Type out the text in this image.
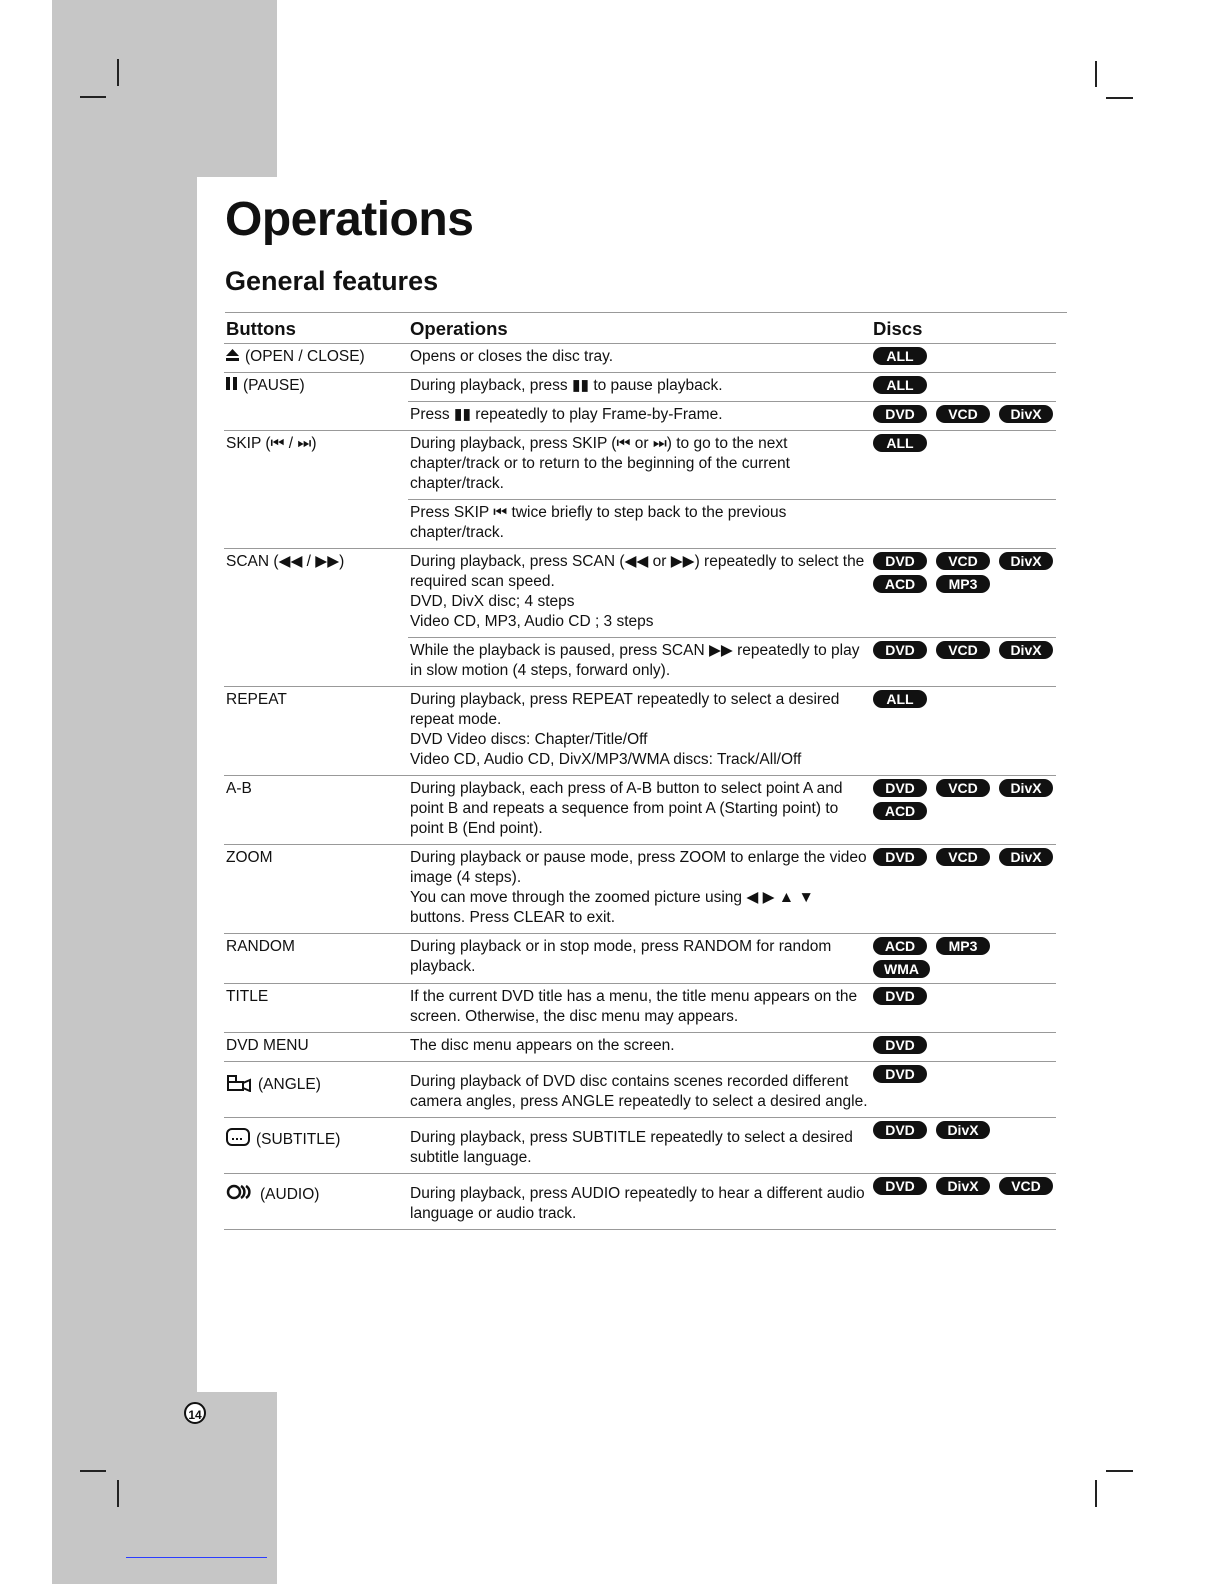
Operations
General features
Buttons	Operations	Discs
(OPEN / CLOSE)	Opens or closes the disc tray.	ALL

(PAUSE)	During playback, press ▮▮ to pause playback.	ALL

	Press ▮▮ repeatedly to play Frame-by-Frame.	DVD VCD DivX

SKIP (⏮ / ⏭)	During playback, press SKIP (⏮ or ⏭) to go to the next chapter/track or to return to the beginning of the current chapter/track.	ALL

	Press SKIP ⏮ twice briefly to step back to the previous chapter/track.	

SCAN (◀◀ / ▶▶)	During playback, press SCAN (◀◀ or ▶▶) repeatedly to select the required scan speed.
DVD, DivX disc; 4 steps
Video CD, MP3, Audio CD ; 3 steps	DVD VCD DivX
ACD MP3

	While the playback is paused, press SCAN ▶▶ repeatedly to play in slow motion (4 steps, forward only).	DVD VCD DivX

REPEAT	During playback, press REPEAT repeatedly to select a desired repeat mode.
DVD Video discs: Chapter/Title/Off
Video CD, Audio CD, DivX/MP3/WMA discs: Track/All/Off	ALL

A-B	During playback, each press of A-B button to select point A and point B and repeats a sequence from point A (Starting point) to point B (End point).	DVD VCD DivX
ACD

ZOOM	During playback or pause mode, press ZOOM to enlarge the video image (4 steps).
You can move through the zoomed picture using ◀ ▶ ▲ ▼ buttons. Press CLEAR to exit.	DVD VCD DivX

RANDOM	During playback or in stop mode, press RANDOM for random playback.	ACD MP3
WMA

TITLE	If the current DVD title has a menu, the title menu appears on the screen. Otherwise, the disc menu may appears.	DVD

DVD MENU	The disc menu appears on the screen.	DVD

(ANGLE)	During playback of DVD disc contains scenes recorded different camera angles, press ANGLE repeatedly to select a desired angle.	DVD

(SUBTITLE)	During playback, press SUBTITLE repeatedly to select a desired subtitle language.	DVD DivX

(AUDIO)	During playback, press AUDIO repeatedly to hear a different audio language or audio track.	DVD DivX VCD
14
